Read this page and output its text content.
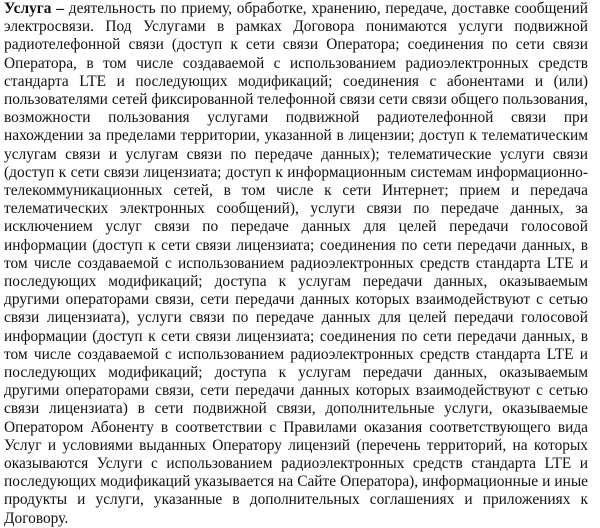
Услуга – деятельность по приему, обработке, хранению, передаче, доставке сообщений электросвязи. Под Услугами в рамках Договора понимаются услуги подвижной радиотелефонной связи (доступ к сети связи Оператора; соединения по сети связи Оператора, в том числе создаваемой с использованием радиоэлектронных средств стандарта LTE и последующих модификаций; соединения с абонентами и (или) пользователями сетей фиксированной телефонной связи сети связи общего пользования, возможности пользования услугами подвижной радиотелефонной связи при нахождении за пределами территории, указанной в лицензии; доступ к телематическим услугам связи и услугам связи по передаче данных); телематические услуги связи (доступ к сети связи лицензиата; доступ к информационным системам информационно-телекоммуникационных сетей, в том числе к сети Интернет; прием и передача телематических электронных сообщений), услуги связи по передаче данных, за исключением услуг связи по передаче данных для целей передачи голосовой информации (доступ к сети связи лицензиата; соединения по сети передачи данных, в том числе создаваемой с использованием радиоэлектронных средств стандарта LTE и последующих модификаций; доступа к услугам передачи данных, оказываемым другими операторами связи, сети передачи данных которых взаимодействуют с сетью связи лицензиата), услуги связи по передаче данных для целей передачи голосовой информации (доступ к сети связи лицензиата; соединения по сети передачи данных, в том числе создаваемой с использованием радиоэлектронных средств стандарта LTE и последующих модификаций; доступа к услугам передачи данных, оказываемым другими операторами связи, сети передачи данных которых взаимодействуют с сетью связи лицензиата) в сети подвижной связи, дополнительные услуги, оказываемые Оператором Абоненту в соответствии с Правилами оказания соответствующего вида Услуг и условиями выданных Оператору лицензий (перечень территорий, на которых оказываются Услуги с использованием радиоэлектронных средств стандарта LTE и последующих модификаций указывается на Сайте Оператора), информационные и иные продукты и услуги, указанные в дополнительных соглашениях и приложениях к Договору.
